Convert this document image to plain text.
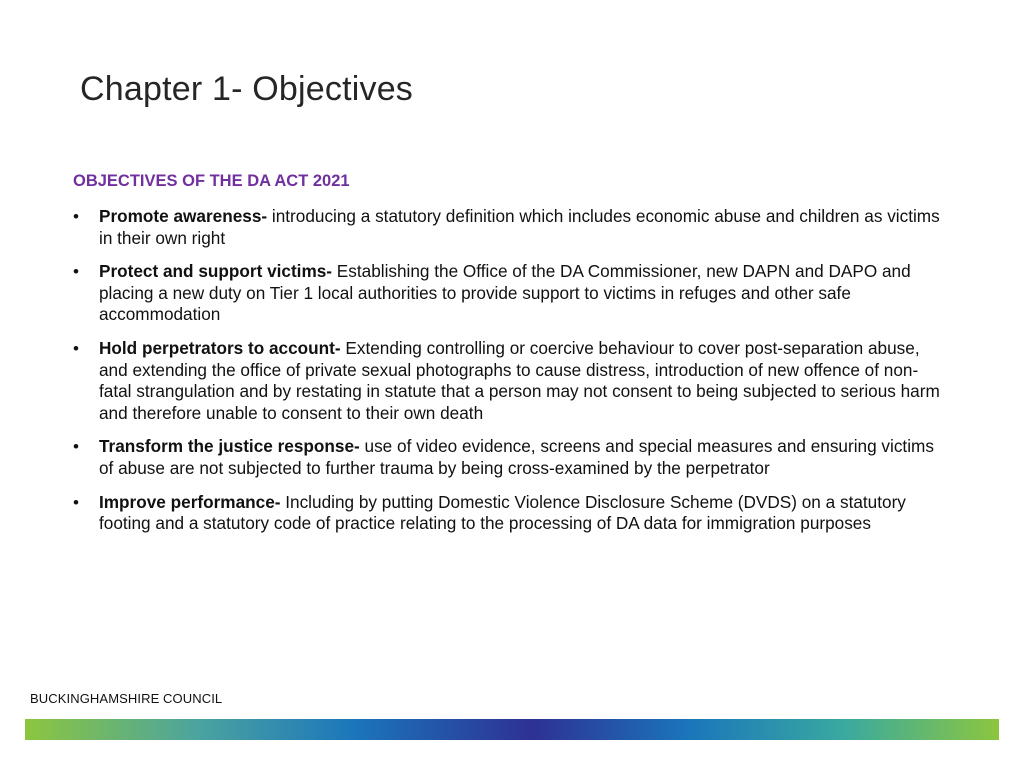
Chapter 1- Objectives
OBJECTIVES OF THE DA ACT 2021
• Promote awareness- introducing a statutory definition which includes economic abuse and children as victims in their own right
• Protect and support victims- Establishing the Office of the DA Commissioner, new DAPN and DAPO and placing a new duty on Tier 1 local authorities to provide support to victims in refuges and other safe accommodation
• Hold perpetrators to account- Extending controlling or coercive behaviour to cover post-separation abuse, and extending the office of private sexual photographs to cause distress, introduction of new offence of non-fatal strangulation and by restating in statute that a person may not consent to being subjected to serious harm and therefore unable to consent to their own death
• Transform the justice response- use of video evidence, screens and special measures and ensuring victims of abuse are not subjected to further trauma by being cross-examined by the perpetrator
• Improve performance- Including by putting Domestic Violence Disclosure Scheme (DVDS) on a statutory footing and a statutory code of practice relating to the processing of DA data for immigration purposes
BUCKINGHAMSHIRE COUNCIL
